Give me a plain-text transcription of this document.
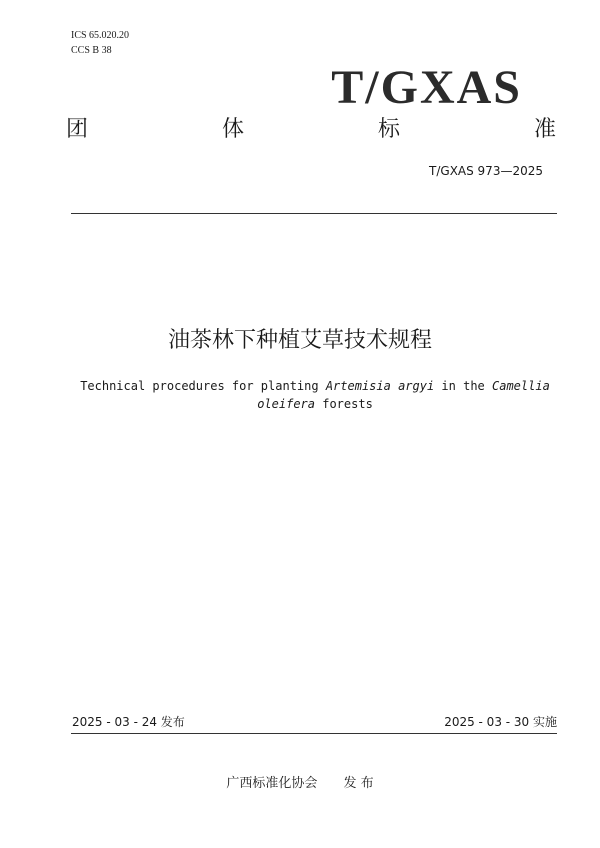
ICS 65.020.20
CCS B 38
T/GXAS
团	体	标	准
T/GXAS 973—2025
油茶林下种植艾草技术规程
Technical procedures for planting Artemisia argyi in the Camellia oleifera forests
2025 - 03 - 24 发布	2025 - 03 - 30 实施
广西标准化协会 发 布
